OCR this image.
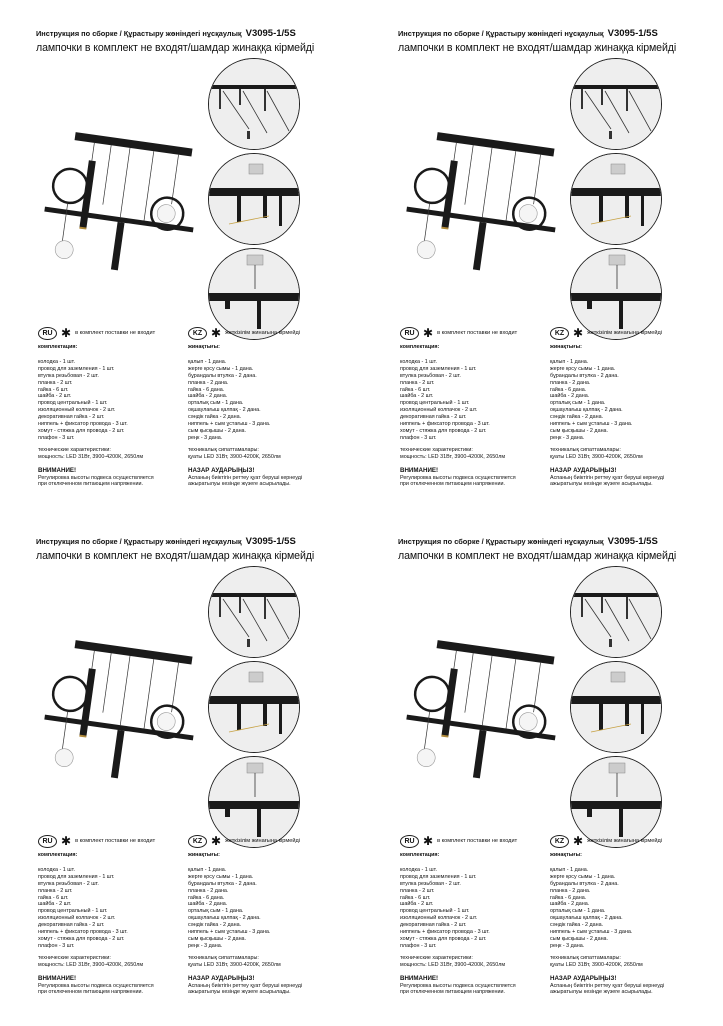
Инструкция по сборке / Құрастыру жөніндегі нұсқаулық V3095-1/5S
лампочки в комплект не входят/шамдар жинаққа кірмейді
RU ✱ в комплект поставки не входит
комплектация:
колодка - 1 шт.
провод для заземления - 1 шт.
втулка резьбовая - 2 шт.
планка - 2 шт.
гайка - 6 шт.
шайба - 2 шт.
провод центральный - 1 шт.
изоляционный колпачок - 2 шт.
декоративная гайка - 2 шт.
ниппель + фиксатор провода - 3 шт.
хомут - стяжка для провода - 2 шт.
плафон - 3 шт.
технические характеристики:
мощность: LED 31Вт, 3900-4200К, 2650лм
ВНИМАНИЕ!
Регулировка высоты подвеса осуществляется
при отключенном питающем напряжении.
KZ ✱ жеткізілім жинағына кірмейді
жинақтығы:
қалып - 1 дана.
жерге қосу сымы - 1 дана.
бұрандалы втулка - 2 дана.
планка - 2 дана.
гайка - 6 дана.
шайба - 2 дана.
орталық сым - 1 дана.
оқшаулағыш қалпақ - 2 дана.
сәндік гайка - 2 дана.
ниппель + сым ұстағыш - 3 дана.
сым қысқышы - 2 дана.
реңк - 3 дана.
техникалық сипаттамалары:
қуаты LED 31Вт, 3900-4200К, 2650лм
НАЗАР АУДАРЫҢЫЗ!
Аспаның биіктігін реттеу қуат беруші кернеуді
ажыратылуы кезінде жүзеге асырылады.
Инструкция по сборке / Құрастыру жөніндегі нұсқаулық V3095-1/5S
лампочки в комплект не входят/шамдар жинаққа кірмейді
RU ✱ в комплект поставки не входит
комплектация:
колодка - 1 шт.
провод для заземления - 1 шт.
втулка резьбовая - 2 шт.
планка - 2 шт.
гайка - 6 шт.
шайба - 2 шт.
провод центральный - 1 шт.
изоляционный колпачок - 2 шт.
декоративная гайка - 2 шт.
ниппель + фиксатор провода - 3 шт.
хомут - стяжка для провода - 2 шт.
плафон - 3 шт.
технические характеристики:
мощность: LED 31Вт, 3900-4200К, 2650лм
ВНИМАНИЕ!
Регулировка высоты подвеса осуществляется
при отключенном питающем напряжении.
KZ ✱ жеткізілім жинағына кірмейді
жинақтығы:
қалып - 1 дана.
жерге қосу сымы - 1 дана.
бұрандалы втулка - 2 дана.
планка - 2 дана.
гайка - 6 дана.
шайба - 2 дана.
орталық сым - 1 дана.
оқшаулағыш қалпақ - 2 дана.
сәндік гайка - 2 дана.
ниппель + сым ұстағыш - 3 дана.
сым қысқышы - 2 дана.
реңк - 3 дана.
техникалық сипаттамалары:
қуаты LED 31Вт, 3900-4200К, 2650лм
НАЗАР АУДАРЫҢЫЗ!
Аспаның биіктігін реттеу қуат беруші кернеуді
ажыратылуы кезінде жүзеге асырылады.
Инструкция по сборке / Құрастыру жөніндегі нұсқаулық V3095-1/5S
лампочки в комплект не входят/шамдар жинаққа кірмейді
RU ✱ в комплект поставки не входит
комплектация:
колодка - 1 шт.
провод для заземления - 1 шт.
втулка резьбовая - 2 шт.
планка - 2 шт.
гайка - 6 шт.
шайба - 2 шт.
провод центральный - 1 шт.
изоляционный колпачок - 2 шт.
декоративная гайка - 2 шт.
ниппель + фиксатор провода - 3 шт.
хомут - стяжка для провода - 2 шт.
плафон - 3 шт.
технические характеристики:
мощность: LED 31Вт, 3900-4200К, 2650лм
ВНИМАНИЕ!
Регулировка высоты подвеса осуществляется
при отключенном питающем напряжении.
KZ ✱ жеткізілім жинағына кірмейді
жинақтығы:
қалып - 1 дана.
жерге қосу сымы - 1 дана.
бұрандалы втулка - 2 дана.
планка - 2 дана.
гайка - 6 дана.
шайба - 2 дана.
орталық сым - 1 дана.
оқшаулағыш қалпақ - 2 дана.
сәндік гайка - 2 дана.
ниппель + сым ұстағыш - 3 дана.
сым қысқышы - 2 дана.
реңк - 3 дана.
техникалық сипаттамалары:
қуаты LED 31Вт, 3900-4200К, 2650лм
НАЗАР АУДАРЫҢЫЗ!
Аспаның биіктігін реттеу қуат беруші кернеуді
ажыратылуы кезінде жүзеге асырылады.
Инструкция по сборке / Құрастыру жөніндегі нұсқаулық V3095-1/5S
лампочки в комплект не входят/шамдар жинаққа кірмейді
RU ✱ в комплект поставки не входит
комплектация:
колодка - 1 шт.
провод для заземления - 1 шт.
втулка резьбовая - 2 шт.
планка - 2 шт.
гайка - 6 шт.
шайба - 2 шт.
провод центральный - 1 шт.
изоляционный колпачок - 2 шт.
декоративная гайка - 2 шт.
ниппель + фиксатор провода - 3 шт.
хомут - стяжка для провода - 2 шт.
плафон - 3 шт.
технические характеристики:
мощность: LED 31Вт, 3900-4200К, 2650лм
ВНИМАНИЕ!
Регулировка высоты подвеса осуществляется
при отключенном питающем напряжении.
KZ ✱ жеткізілім жинағына кірмейді
жинақтығы:
қалып - 1 дана.
жерге қосу сымы - 1 дана.
бұрандалы втулка - 2 дана.
планка - 2 дана.
гайка - 6 дана.
шайба - 2 дана.
орталық сым - 1 дана.
оқшаулағыш қалпақ - 2 дана.
сәндік гайка - 2 дана.
ниппель + сым ұстағыш - 3 дана.
сым қысқышы - 2 дана.
реңк - 3 дана.
техникалық сипаттамалары:
қуаты LED 31Вт, 3900-4200К, 2650лм
НАЗАР АУДАРЫҢЫЗ!
Аспаның биіктігін реттеу қуат беруші кернеуді
ажыратылуы кезінде жүзеге асырылады.
